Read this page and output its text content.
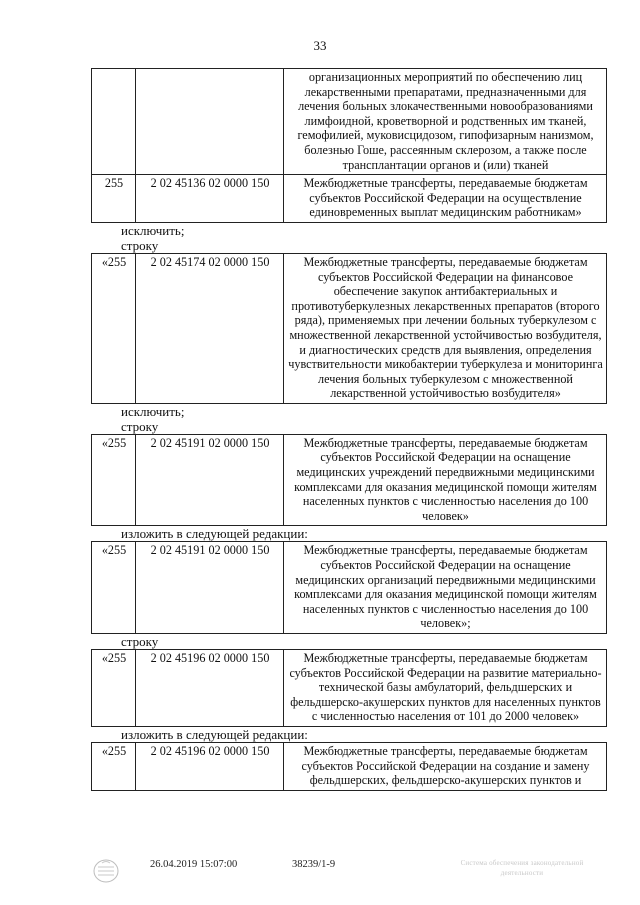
33
		организационных мероприятий по обеспечению лиц лекарственными препаратами, предназначенными для лечения больных злокачественными новообразованиями лимфоидной, кроветворной и родственных им тканей, гемофилией, муковисцидозом, гипофизарным нанизмом, болезнью Гоше, рассеянным склерозом, а также после трансплантации органов и (или) тканей
255	2 02 45136 02 0000 150	Межбюджетные трансферты, передаваемые бюджетам субъектов Российской Федерации на осуществление единовременных выплат медицинским работникам»

исключить;

строку

«255	2 02 45174 02 0000 150	Межбюджетные трансферты, передаваемые бюджетам субъектов Российской Федерации на финансовое обеспечение закупок антибактериальных и противотуберкулезных лекарственных препаратов (второго ряда), применяемых при лечении больных туберкулезом с множественной лекарственной устойчивостью возбудителя, и диагностических средств для выявления, определения чувствительности микобактерии туберкулеза и мониторинга лечения больных туберкулезом с множественной лекарственной устойчивостью возбудителя»

исключить;

строку

«255	2 02 45191 02 0000 150	Межбюджетные трансферты, передаваемые бюджетам субъектов Российской Федерации на оснащение медицинских учреждений передвижными медицинскими комплексами для оказания медицинской помощи жителям населенных пунктов с численностью населения до 100 человек»

изложить в следующей редакции:

«255	2 02 45191 02 0000 150	Межбюджетные трансферты, передаваемые бюджетам субъектов Российской Федерации на оснащение медицинских организаций передвижными медицинскими комплексами для оказания медицинской помощи жителям населенных пунктов с численностью населения до 100 человек»;

строку

«255	2 02 45196 02 0000 150	Межбюджетные трансферты, передаваемые бюджетам субъектов Российской Федерации на развитие материально-технической базы амбулаторий, фельдшерских и фельдшерско-акушерских пунктов для населенных пунктов с численностью населения от 101 до 2000 человек»

изложить в следующей редакции:

«255	2 02 45196 02 0000 150	Межбюджетные трансферты, передаваемые бюджетам субъектов Российской Федерации на создание и замену фельдшерских, фельдшерско-акушерских пунктов и
26.04.2019 15:07:00	38239/1-9	Система обеспечения законодательной деятельности
